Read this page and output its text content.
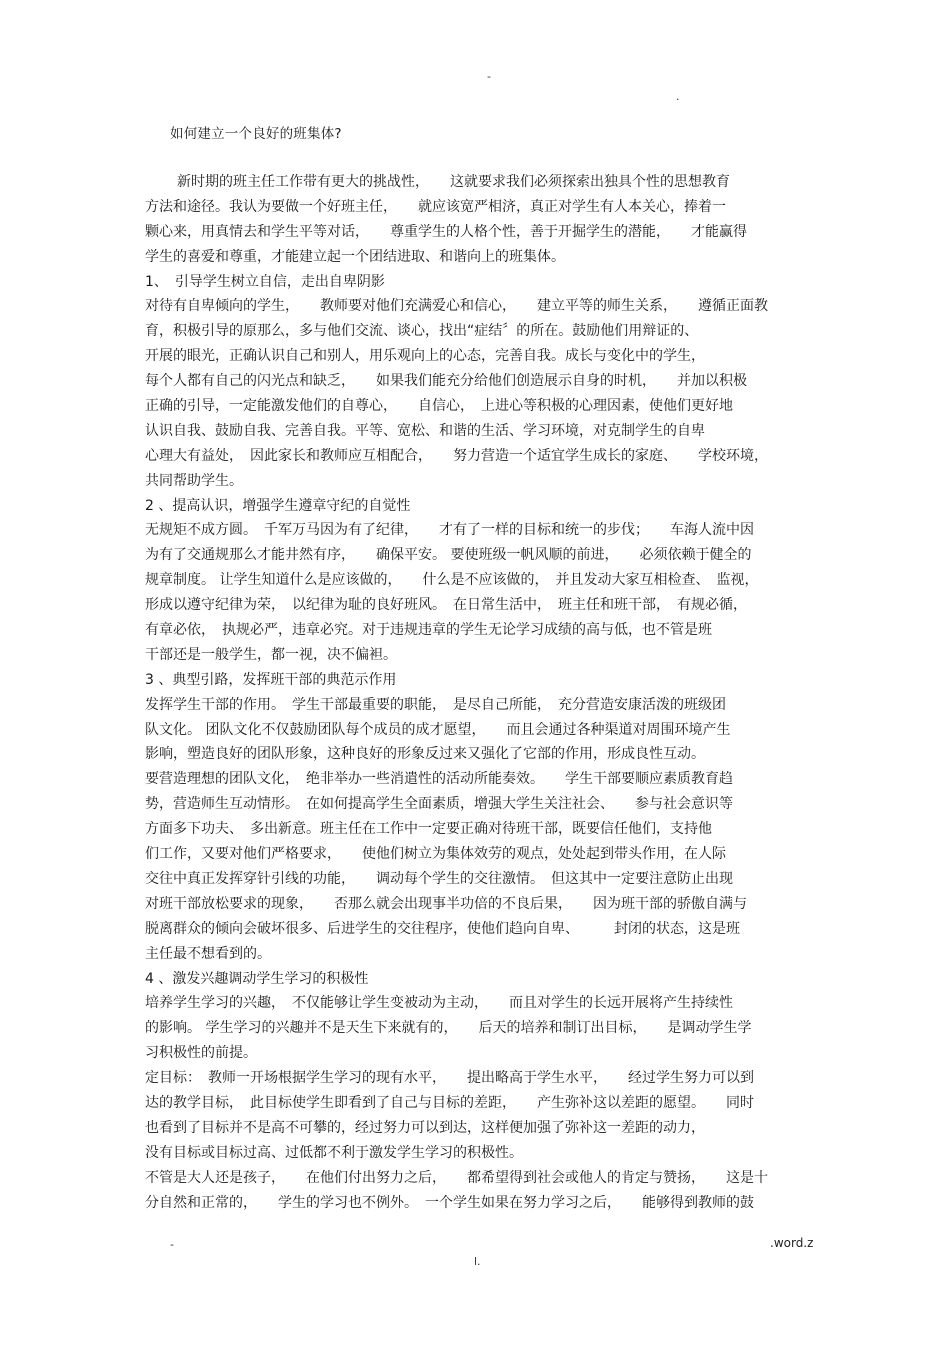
-
.
如何建立一个良好的班集体?
新时期的班主任工作带有更大的挑战性，　　这就要求我们必须探索出独具个性的思想教育
方法和途径。我认为要做一个好班主任，　　就应该宽严相济，真正对学生有人本关心，捧着一
颗心来，用真情去和学生平等对话，　　尊重学生的人格个性，善于开掘学生的潜能，　　才能赢得
学生的喜爱和尊重，才能建立起一个团结进取、和谐向上的班集体。
1、　引导学生树立自信，走出自卑阴影
对待有自卑倾向的学生，　　教师要对他们充满爱心和信心，　　建立平等的师生关系，　　遵循正面教
育，积极引导的原那么，多与他们交流、谈心，找出“症结〞的所在。鼓励他们用辩证的、
开展的眼光，正确认识自己和别人，用乐观向上的心态，完善自我。成长与变化中的学生，
每个人都有自己的闪光点和缺乏，　　如果我们能充分给他们创造展示自身的时机，　　并加以积极
正确的引导，一定能激发他们的自尊心，　　自信心，　上进心等积极的心理因素，使他们更好地
认识自我、鼓励自我、完善自我。平等、宽松、和谐的生活、学习环境，对克制学生的自卑
心理大有益处，　因此家长和教师应互相配合，　　努力营造一个适宜学生成长的家庭、　　学校环境，
共同帮助学生。
2 、提高认识，增强学生遵章守纪的自觉性
无规矩不成方圆。　千军万马因为有了纪律，　　才有了一样的目标和统一的步伐；　　车海人流中因
为有了交通规那么才能井然有序，　　确保平安。 要使班级一帆风顺的前进，　　必须依赖于健全的
规章制度。 让学生知道什么是应该做的，　　什么是不应该做的，　并且发动大家互相检查、　监视，
形成以遵守纪律为荣，　以纪律为耻的良好班风。　在日常生活中，　班主任和班干部，　有规必循，
有章必依，　执规必严，违章必究。对于违规违章的学生无论学习成绩的高与低，也不管是班
干部还是一般学生，都一视，决不偏袒。
3 、典型引路，发挥班干部的典范示作用
发挥学生干部的作用。　学生干部最重要的职能，　是尽自己所能，　充分营造安康活泼的班级团
队文化。 团队文化不仅鼓励团队每个成员的成才愿望，　　而且会通过各种渠道对周围环境产生
影响，塑造良好的团队形象，这种良好的形象反过来又强化了它部的作用，形成良性互动。
要营造理想的团队文化，　绝非举办一些消遣性的活动所能奏效。　　学生干部要顺应素质教育趋
势，营造师生互动情形。　在如何提高学生全面素质，增强大学生关注社会、　　参与社会意识等
方面多下功夫、　多出新意。班主任在工作中一定要正确对待班干部，既要信任他们，支持他
们工作，又要对他们严格要求，　　使他们树立为集体效劳的观点，处处起到带头作用，在人际
交往中真正发挥穿针引线的功能，　　调动每个学生的交往激情。　但这其中一定要注意防止出现
对班干部放松要求的现象，　　否那么就会出现事半功倍的不良后果，　　因为班干部的骄傲自满与
脱离群众的倾向会破坏很多、后进学生的交往程序，使他们趋向自卑、　　　封闭的状态，这是班
主任最不想看到的。
4 、激发兴趣调动学生学习的积极性
培养学生学习的兴趣，　不仅能够让学生变被动为主动，　　而且对学生的长远开展将产生持续性
的影响。 学生学习的兴趣并不是天生下来就有的，　　后天的培养和制订出目标，　　是调动学生学
习积极性的前提。
定目标：　教师一开场根据学生学习的现有水平，　　提出略高于学生水平，　　经过学生努力可以到
达的教学目标，　此目标使学生即看到了自己与目标的差距，　　产生弥补这以差距的愿望。　　同时
也看到了目标并不是高不可攀的，经过努力可以到达，这样便加强了弥补这一差距的动力，
没有目标或目标过高、过低都不利于激发学生学习的积极性。
不管是大人还是孩子，　　在他们付出努力之后，　　都希望得到社会或他人的肯定与赞扬，　　这是十
分自然和正常的，　　学生的学习也不例外。　一个学生如果在努力学习之后，　　能够得到教师的鼓
-	.word.z
l.
